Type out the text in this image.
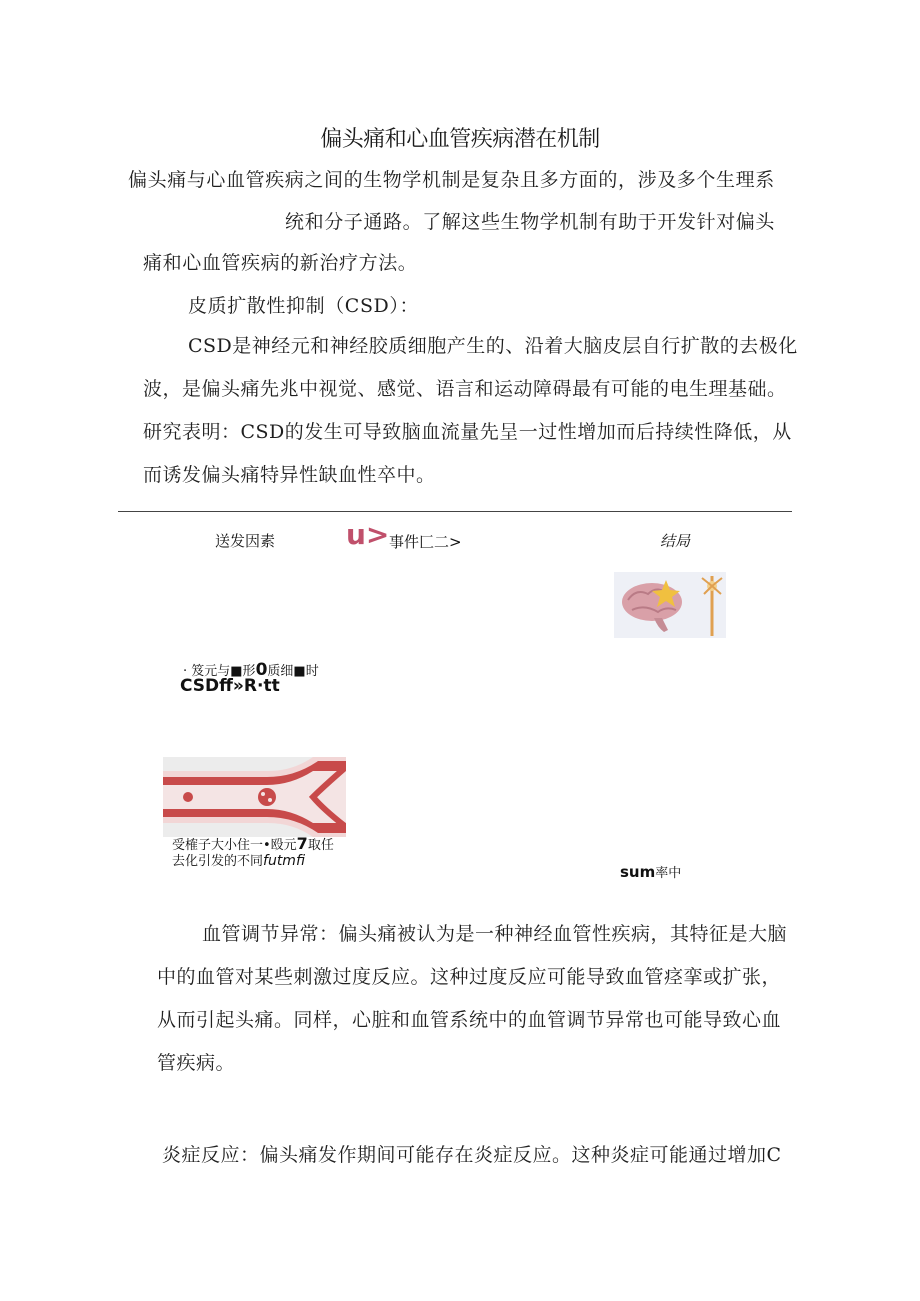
偏头痛和心血管疾病潜在机制
偏头痛与心血管疾病之间的生物学机制是复杂且多方面的，涉及多个生理系
统和分子通路。了解这些生物学机制有助于开发针对偏头
痛和心血管疾病的新治疗方法。
皮质扩散性抑制（CSD）：
CSD是神经元和神经胶质细胞产生的、沿着大脑皮层自行扩散的去极化波，是偏头痛先兆中视觉、感觉、语言和运动障碍最有可能的电生理基础。研究表明：CSD的发生可导致脑血流量先呈一过性增加而后持续性降低，从而诱发偏头痛特异性缺血性卒中。
送发因素	u> 事件匚二>	结局
· 笈元与■形0质细■时
CSDff»R·tt
受榷子大小住一•殴元7取任
去化引发的不同futmfi
sum率中
血管调节异常：偏头痛被认为是一种神经血管性疾病，其特征是大脑中的血管对某些刺激过度反应。这种过度反应可能导致血管痉挛或扩张，从而引起头痛。同样，心脏和血管系统中的血管调节异常也可能导致心血管疾病。
炎症反应：偏头痛发作期间可能存在炎症反应。这种炎症可能通过增加C
